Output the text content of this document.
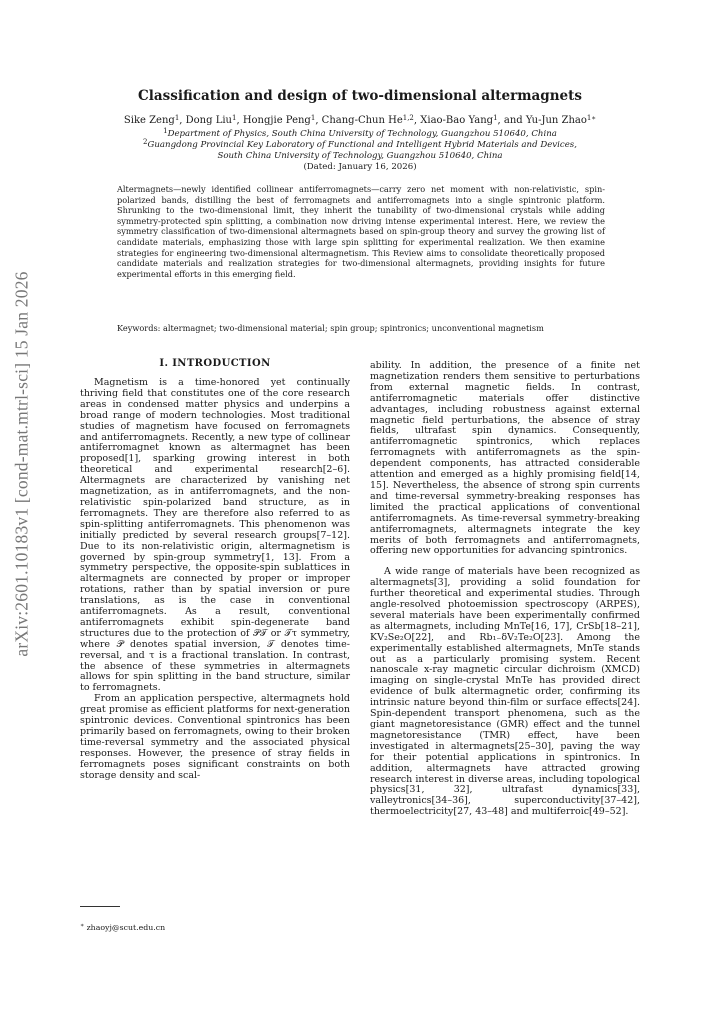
arXiv:2601.10183v1 [cond-mat.mtrl-sci] 15 Jan 2026
Classification and design of two-dimensional altermagnets
Sike Zeng$^1$, Dong Liu$^1$, Hongjie Peng$^1$, Chang-Chun He$^{1,2}$, Xiao-Bao Yang$^1$, and Yu-Jun Zhao$^{1∗}$
$^1$Department of Physics, South China University of Technology, Guangzhou 510640, China
$^2$Guangdong Provincial Key Laboratory of Functional and Intelligent Hybrid Materials and Devices,
South China University of Technology, Guangzhou 510640, China
(Dated: January 16, 2026)
Altermagnets—newly identified collinear antiferromagnets—carry zero net moment with non-relativistic, spin-polarized bands, distilling the best of ferromagnets and antiferromagnets into a single spintronic platform. Shrunking to the two-dimensional limit, they inherit the tunability of two-dimensional crystals while adding symmetry-protected spin splitting, a combination now driving intense experimental interest. Here, we review the symmetry classification of two-dimensional altermagnets based on spin-group theory and survey the growing list of candidate materials, emphasizing those with large spin splitting for experimental realization. We then examine strategies for engineering two-dimensional altermagnetism. This Review aims to consolidate theoretically proposed candidate materials and realization strategies for two-dimensional altermagnets, providing insights for future experimental efforts in this emerging field.
Keywords: altermagnet; two-dimensional material; spin group; spintronics; unconventional magnetism
I. INTRODUCTION

Magnetism is a time-honored yet continually thriving field that constitutes one of the core research areas in condensed matter physics and underpins a broad range of modern technologies. Most traditional studies of magnetism have focused on ferromagnets and antiferromagnets. Recently, a new type of collinear antiferromagnet known as altermagnet has been proposed[1], sparking growing interest in both theoretical and experimental research[2–6]. Altermagnets are characterized by vanishing net magnetization, as in antiferromagnets, and the non-relativistic spin-polarized band structure, as in ferromagnets. They are therefore also referred to as spin-splitting antiferromagnets. This phenomenon was initially predicted by several research groups[7–12]. Due to its non-relativistic origin, altermagnetism is governed by spin-group symmetry[1, 13]. From a symmetry perspective, the opposite-spin sublattices in altermagnets are connected by proper or improper rotations, rather than by spatial inversion or pure translations, as is the case in conventional antiferromagnets. As a result, conventional antiferromagnets exhibit spin-degenerate band structures due to the protection of 𝒫𝒯 or 𝒯τ symmetry, where 𝒫 denotes spatial inversion, 𝒯 denotes time-reversal, and τ is a fractional translation. In contrast, the absence of these symmetries in altermagnets allows for spin splitting in the band structure, similar to ferromagnets.

From an application perspective, altermagnets hold great promise as efficient platforms for next-generation spintronic devices. Conventional spintronics has been primarily based on ferromagnets, owing to their broken time-reversal symmetry and the associated physical responses. However, the presence of stray fields in ferromagnets poses significant constraints on both storage density and scal-

ability. In addition, the presence of a finite net magnetization renders them sensitive to perturbations from external magnetic fields. In contrast, antiferromagnetic materials offer distinctive advantages, including robustness against external magnetic field perturbations, the absence of stray fields, ultrafast spin dynamics. Consequently, antiferromagnetic spintronics, which replaces ferromagnets with antiferromagnets as the spin-dependent components, has attracted considerable attention and emerged as a highly promising field[14, 15]. Nevertheless, the absence of strong spin currents and time-reversal symmetry-breaking responses has limited the practical applications of conventional antiferromagnets. As time-reversal symmetry-breaking antiferromagnets, altermagnets integrate the key merits of both ferromagnets and antiferromagnets, offering new opportunities for advancing spintronics.

A wide range of materials have been recognized as altermagnets[3], providing a solid foundation for further theoretical and experimental studies. Through angle-resolved photoemission spectroscopy (ARPES), several materials have been experimentally confirmed as altermagnets, including MnTe[16, 17], CrSb[18–21], KV₂Se₂O[22], and Rb₁₋δV₂Te₂O[23]. Among the experimentally established altermagnets, MnTe stands out as a particularly promising system. Recent nanoscale x-ray magnetic circular dichroism (XMCD) imaging on single-crystal MnTe has provided direct evidence of bulk altermagnetic order, confirming its intrinsic nature beyond thin-film or surface effects[24]. Spin-dependent transport phenomena, such as the giant magnetoresistance (GMR) effect and the tunnel magnetoresistance (TMR) effect, have been investigated in altermagnets[25–30], paving the way for their potential applications in spintronics. In addition, altermagnets have attracted growing research interest in diverse areas, including topological physics[31, 32], ultrafast dynamics[33], valleytronics[34–36], superconductivity[37–42], thermoelectricity[27, 43–48] and multiferroic[49–52].

∗ zhaoyj@scut.edu.cn
